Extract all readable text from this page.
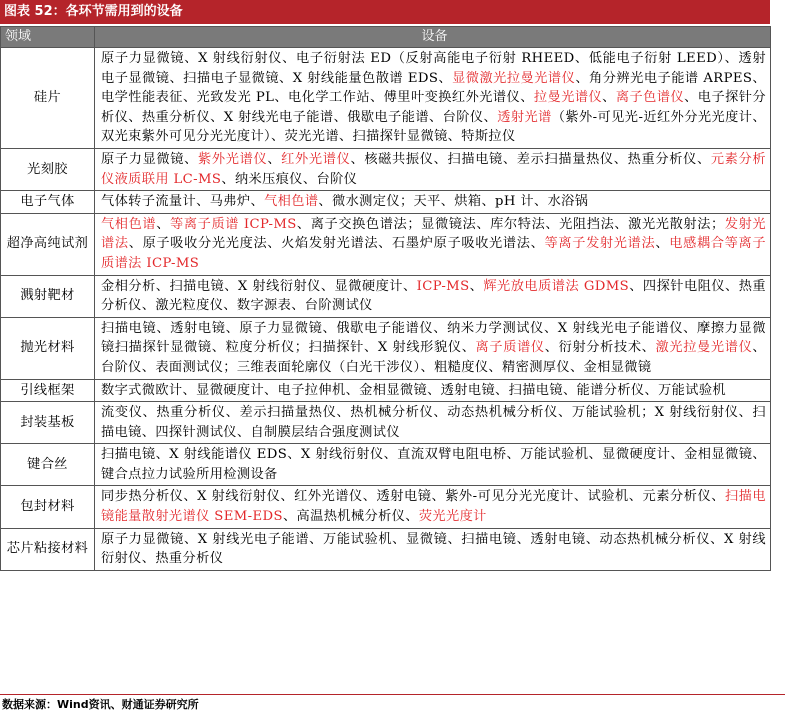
图表 52：各环节需用到的设备
领域	设备
硅片	原子力显微镜、X 射线衍射仪、电子衍射法 ED（反射高能电子衍射 RHEED、低能电子衍射 LEED）、透射电子显微镜、扫描电子显微镜、X 射线能量色散谱 EDS、显微激光拉曼光谱仪、角分辨光电子能谱 ARPES、电学性能表征、光致发光 PL、电化学工作站、傅里叶变换红外光谱仪、拉曼光谱仪、离子色谱仪、电子探针分析仪、热重分析仪、X 射线光电子能谱、俄歇电子能谱、台阶仪、透射光谱（紫外-可见光-近红外分光光度计、双光束紫外可见分光光度计）、荧光光谱、扫描探针显微镜、特斯拉仪
光刻胶	原子力显微镜、紫外光谱仪、红外光谱仪、核磁共振仪、扫描电镜、差示扫描量热仪、热重分析仪、元素分析仪液质联用 LC-MS、纳米压痕仪、台阶仪
电子气体	气体转子流量计、马弗炉、气相色谱、微水测定仪；天平、烘箱、pH 计、水浴锅
超净高纯试剂	气相色谱、等离子质谱 ICP-MS、离子交换色谱法；显微镜法、库尔特法、光阻挡法、激光光散射法；发射光谱法、原子吸收分光光度法、火焰发射光谱法、石墨炉原子吸收光谱法、等离子发射光谱法、电感耦合等离子质谱法 ICP-MS
溅射靶材	金相分析、扫描电镜、X 射线衍射仪、显微硬度计、ICP-MS、辉光放电质谱法 GDMS、四探针电阻仪、热重分析仪、激光粒度仪、数字源表、台阶测试仪
抛光材料	扫描电镜、透射电镜、原子力显微镜、俄歇电子能谱仪、纳米力学测试仪、X 射线光电子能谱仪、摩擦力显微镜扫描探针显微镜、粒度分析仪；扫描探针、X 射线形貌仪、离子质谱仪、衍射分析技术、激光拉曼光谱仪、台阶仪、表面测试仪；三维表面轮廓仪（白光干涉仪）、粗糙度仪、精密测厚仪、金相显微镜
引线框架	数字式微欧计、显微硬度计、电子拉伸机、金相显微镜、透射电镜、扫描电镜、能谱分析仪、万能试验机
封装基板	流变仪、热重分析仪、差示扫描量热仪、热机械分析仪、动态热机械分析仪、万能试验机；X 射线衍射仪、扫描电镜、四探针测试仪、自制膜层结合强度测试仪
键合丝	扫描电镜、X 射线能谱仪 EDS、X 射线衍射仪、直流双臂电阻电桥、万能试验机、显微硬度计、金相显微镜、键合点拉力试验所用检测设备
包封材料	同步热分析仪、X 射线衍射仪、红外光谱仪、透射电镜、紫外-可见分光光度计、试验机、元素分析仪、扫描电镜能量散射光谱仪 SEM-EDS、高温热机械分析仪、荧光光度计
芯片粘接材料	原子力显微镜、X 射线光电子能谱、万能试验机、显微镜、扫描电镜、透射电镜、动态热机械分析仪、X 射线衍射仪、热重分析仪
数据来源：Wind资讯、财通证券研究所
